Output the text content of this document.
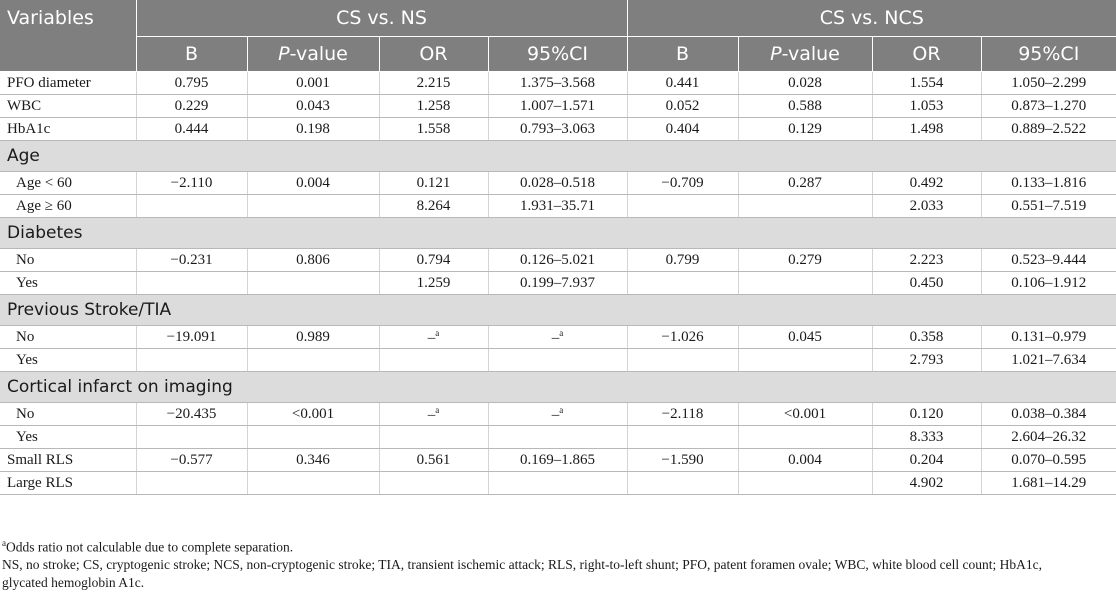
Variables	CS vs. NS				CS vs. NCS			
	B	P-value	OR	95%CI	B	P-value	OR	95%CI
PFO diameter	0.795	0.001	2.215	1.375–3.568	0.441	0.028	1.554	1.050–2.299
WBC	0.229	0.043	1.258	1.007–1.571	0.052	0.588	1.053	0.873–1.270
HbA1c	0.444	0.198	1.558	0.793–3.063	0.404	0.129	1.498	0.889–2.522
Age								
Age < 60	−2.110	0.004	0.121	0.028–0.518	−0.709	0.287	0.492	0.133–1.816
Age ≥ 60			8.264	1.931–35.71			2.033	0.551–7.519
Diabetes								
No	−0.231	0.806	0.794	0.126–5.021	0.799	0.279	2.223	0.523–9.444
Yes			1.259	0.199–7.937			0.450	0.106–1.912
Previous Stroke/TIA								
No	−19.091	0.989	–$^a$	–$^a$	−1.026	0.045	0.358	0.131–0.979
Yes							2.793	1.021–7.634
Cortical infarct on imaging								
No	−20.435	<0.001	–$^a$	–$^a$	−2.118	<0.001	0.120	0.038–0.384
Yes							8.333	2.604–26.32
Small RLS	−0.577	0.346	0.561	0.169–1.865	−1.590	0.004	0.204	0.070–0.595
Large RLS							4.902	1.681–14.29

$^a$Odds ratio not calculable due to complete separation.

NS, no stroke; CS, cryptogenic stroke; NCS, non-cryptogenic stroke; TIA, transient ischemic attack; RLS, right-to-left shunt; PFO, patent foramen ovale; WBC, white blood cell count; HbA1c,

glycated hemoglobin A1c.
